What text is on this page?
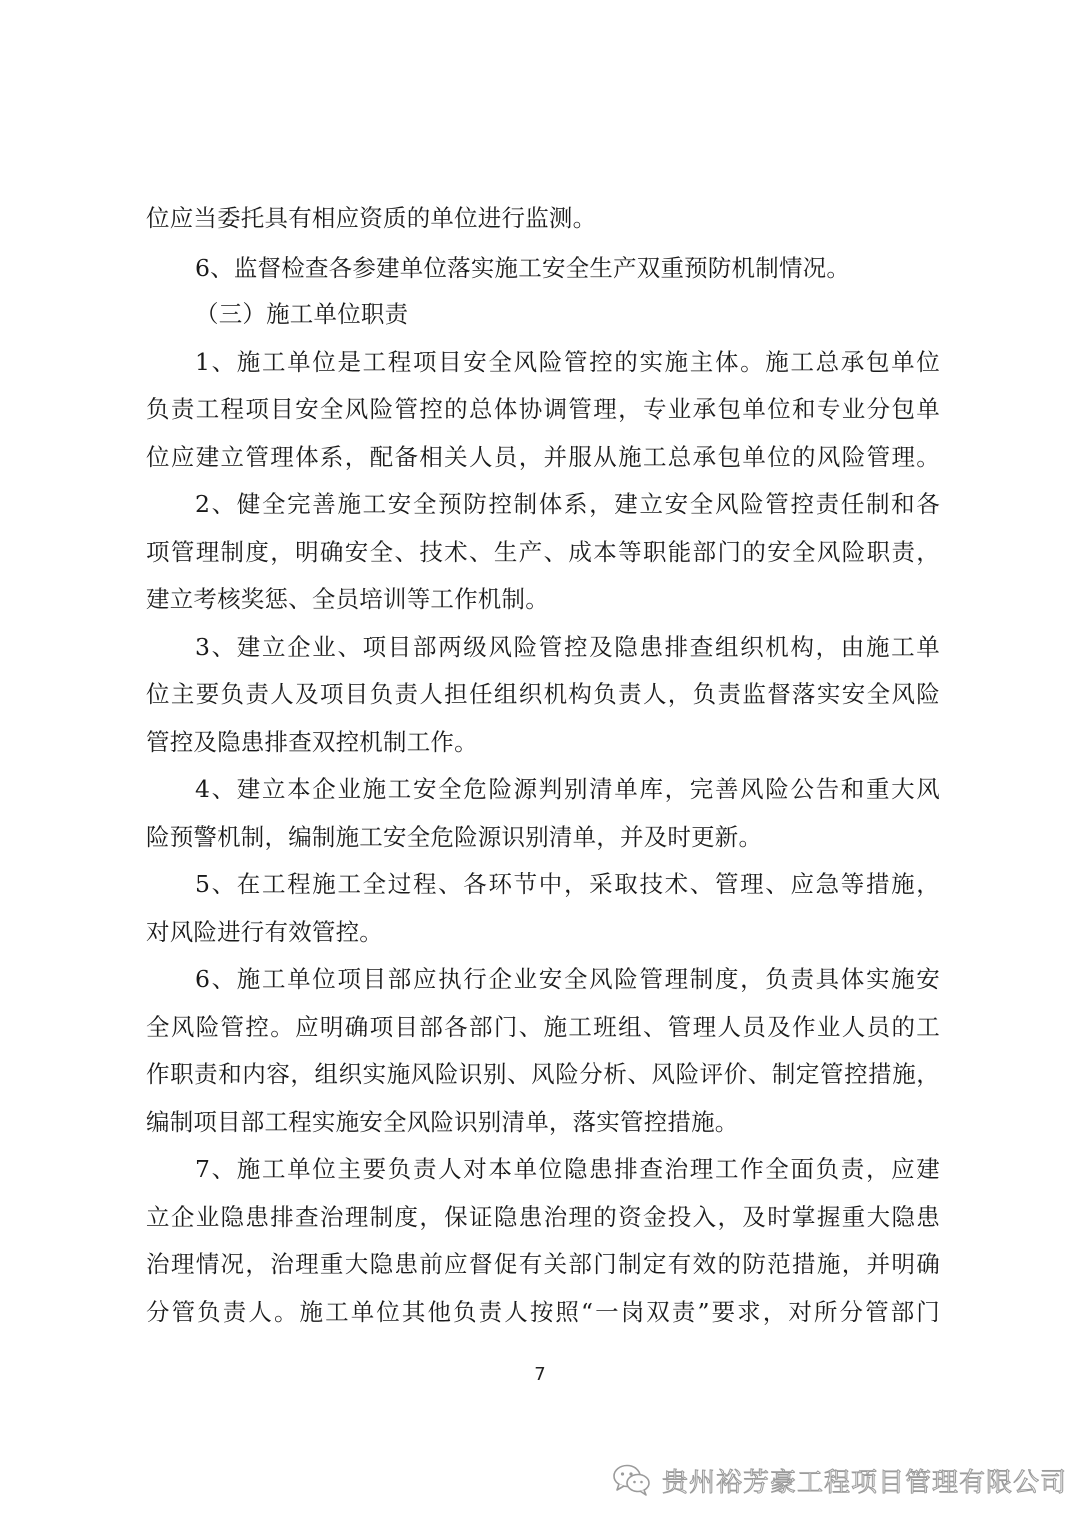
位应当委托具有相应资质的单位进行监测。
6、监督检查各参建单位落实施工安全生产双重预防机制情况。
（三）施工单位职责
1、施工单位是工程项目安全风险管控的实施主体。施工总承包单位
负责工程项目安全风险管控的总体协调管理，专业承包单位和专业分包单
位应建立管理体系，配备相关人员，并服从施工总承包单位的风险管理。
2、健全完善施工安全预防控制体系，建立安全风险管控责任制和各
项管理制度，明确安全、技术、生产、成本等职能部门的安全风险职责，
建立考核奖惩、全员培训等工作机制。
3、建立企业、项目部两级风险管控及隐患排查组织机构，由施工单
位主要负责人及项目负责人担任组织机构负责人，负责监督落实安全风险
管控及隐患排查双控机制工作。
4、建立本企业施工安全危险源判别清单库，完善风险公告和重大风
险预警机制，编制施工安全危险源识别清单，并及时更新。
5、在工程施工全过程、各环节中，采取技术、管理、应急等措施，
对风险进行有效管控。
6、施工单位项目部应执行企业安全风险管理制度，负责具体实施安
全风险管控。应明确项目部各部门、施工班组、管理人员及作业人员的工
作职责和内容，组织实施风险识别、风险分析、风险评价、制定管控措施，
编制项目部工程实施安全风险识别清单，落实管控措施。
7、施工单位主要负责人对本单位隐患排查治理工作全面负责，应建
立企业隐患排查治理制度，保证隐患治理的资金投入，及时掌握重大隐患
治理情况，治理重大隐患前应督促有关部门制定有效的防范措施，并明确
分管负责人。施工单位其他负责人按照“一岗双责”要求，对所分管部门
7
贵州裕芳豪工程项目管理有限公司
